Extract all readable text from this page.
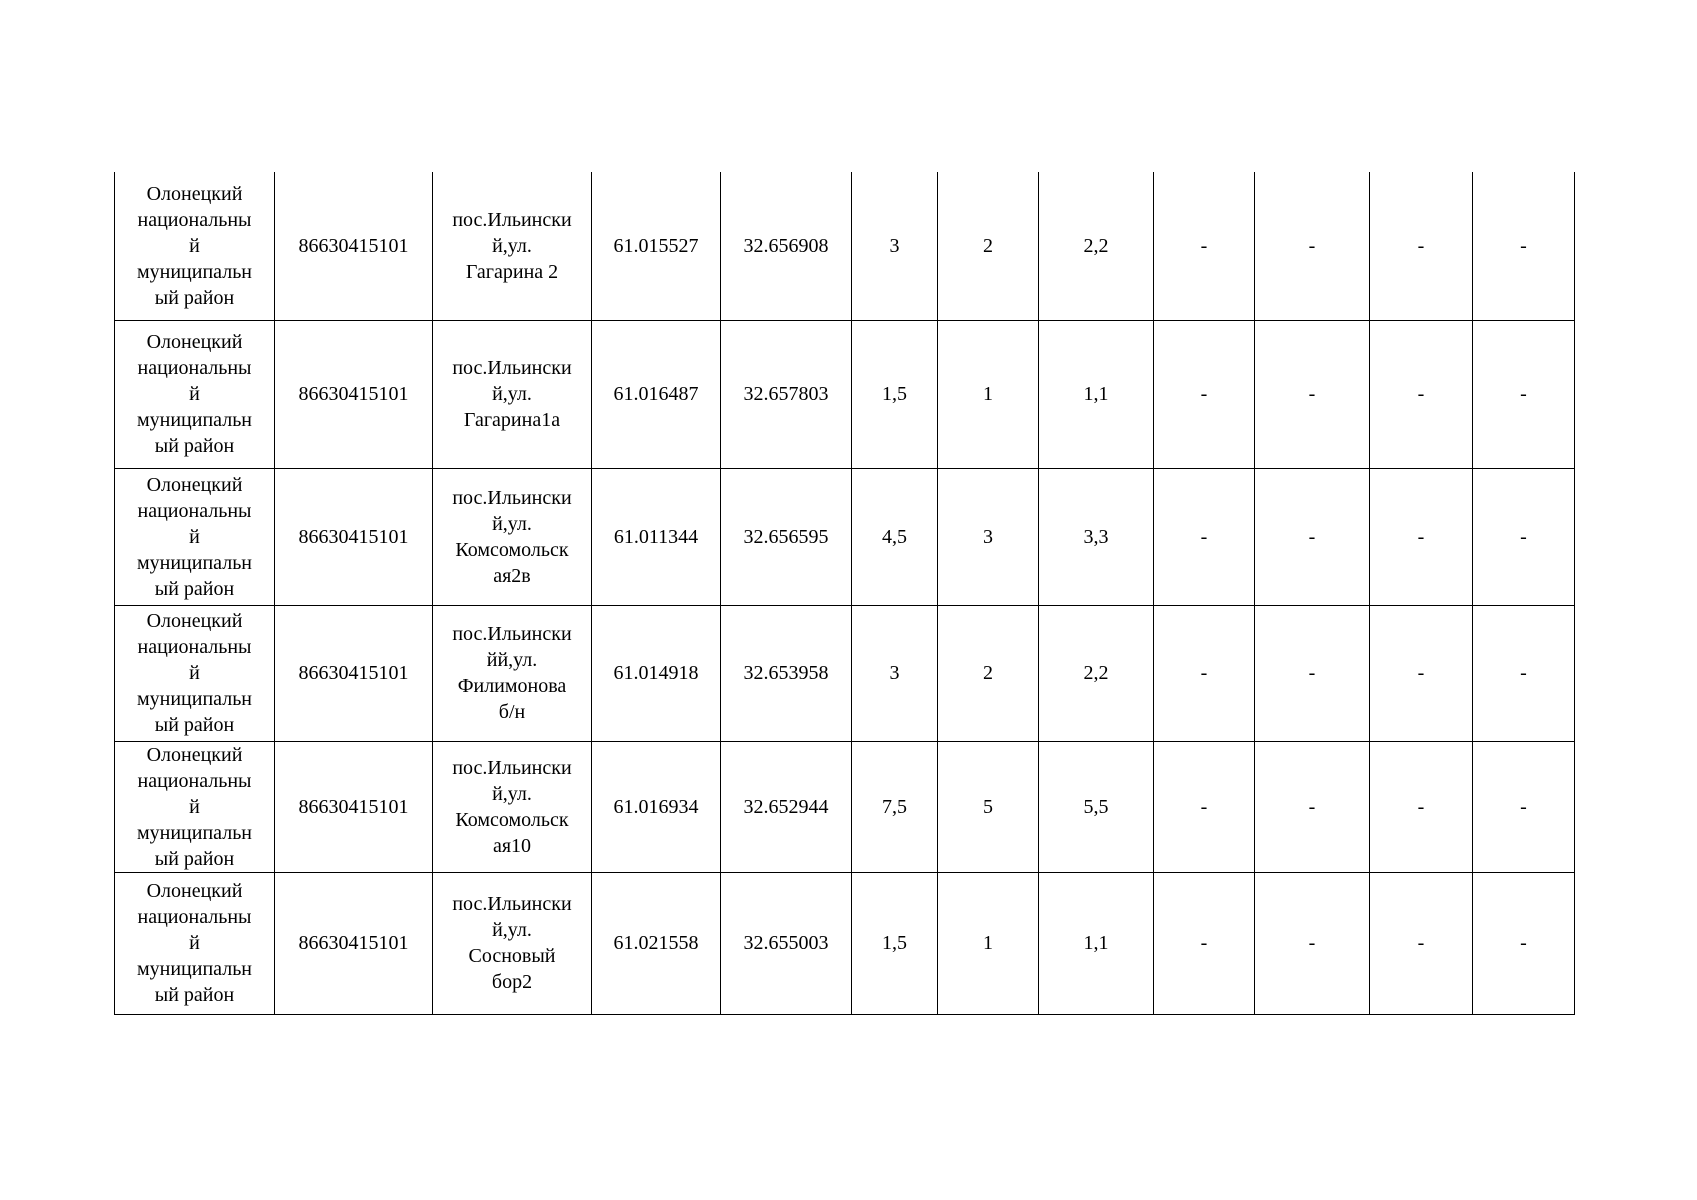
Олонецкий
национальны
й
муниципальн
ый район	86630415101	пос.Ильински
й,ул.
Гагарина 2	61.015527	32.656908	3	2	2,2	-	-	-	-

Олонецкий
национальны
й
муниципальн
ый район	86630415101	пос.Ильински
й,ул.
Гагарина1а	61.016487	32.657803	1,5	1	1,1	-	-	-	-

Олонецкий
национальны
й
муниципальн
ый район	86630415101	пос.Ильински
й,ул.
Комсомольск
ая2в	61.011344	32.656595	4,5	3	3,3	-	-	-	-

Олонецкий
национальны
й
муниципальн
ый район	86630415101	пос.Ильински
йй,ул.
Филимонова
б/н	61.014918	32.653958	3	2	2,2	-	-	-	-

Олонецкий
национальны
й
муниципальн
ый район	86630415101	пос.Ильински
й,ул.
Комсомольск
ая10	61.016934	32.652944	7,5	5	5,5	-	-	-	-

Олонецкий
национальны
й
муниципальн
ый район	86630415101	пос.Ильински
й,ул.
Сосновый
бор2	61.021558	32.655003	1,5	1	1,1	-	-	-	-
